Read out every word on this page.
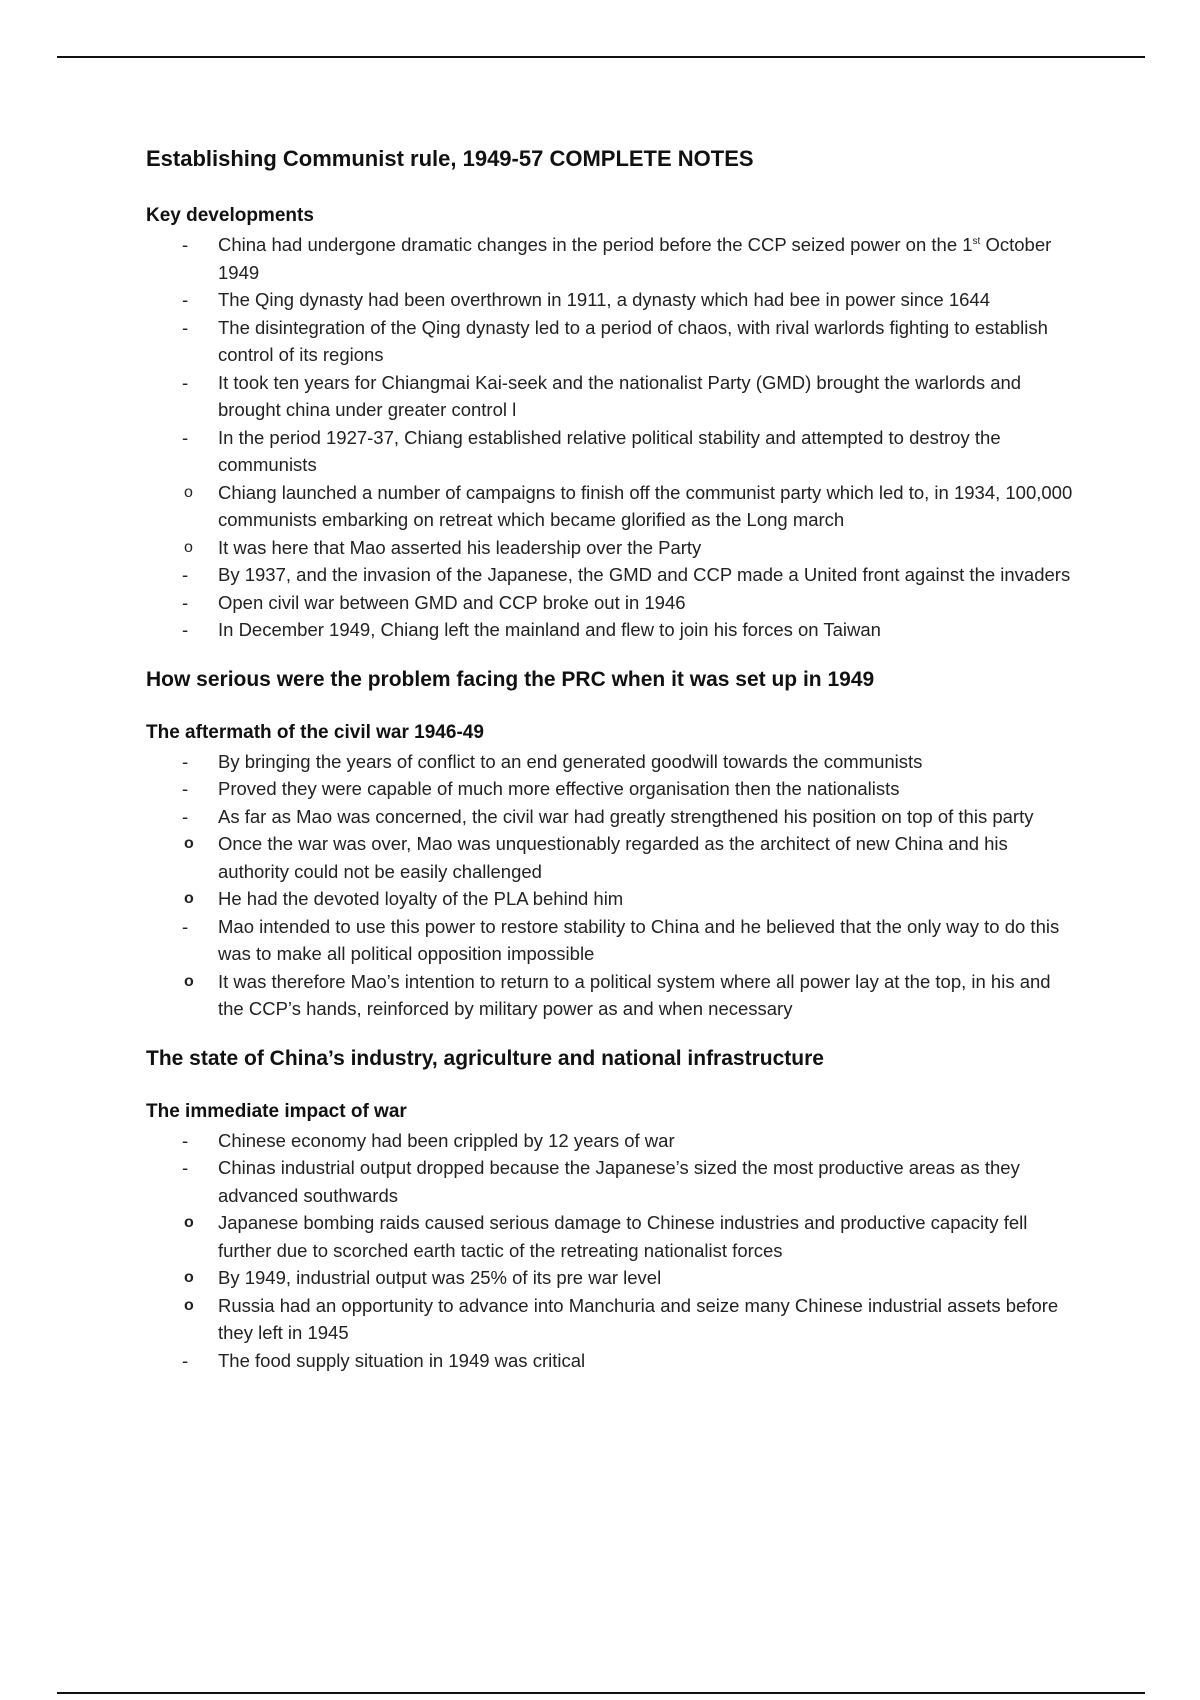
Establishing Communist rule, 1949-57 COMPLETE NOTES
Key developments
- China had undergone dramatic changes in the period before the CCP seized power on the 1st October 1949
- The Qing dynasty had been overthrown in 1911, a dynasty which had bee in power since 1644
- The disintegration of the Qing dynasty led to a period of chaos, with rival warlords fighting to establish control of its regions
- It took ten years for Chiangmai Kai-seek and the nationalist Party (GMD) brought the warlords and brought china under greater control l
- In the period 1927-37, Chiang established relative political stability and attempted to destroy the communists
o Chiang launched a number of campaigns to finish off the communist party which led to, in 1934, 100,000 communists embarking on retreat which became glorified as the Long march
o It was here that Mao asserted his leadership over the Party
- By 1937, and the invasion of the Japanese, the GMD and CCP made a United front against the invaders
- Open civil war between GMD and CCP broke out in 1946
- In December 1949, Chiang left the mainland and flew to join his forces on Taiwan
How serious were the problem facing the PRC when it was set up in 1949
The aftermath of the civil war 1946-49
- By bringing the years of conflict to an end generated goodwill towards the communists
- Proved they were capable of much more effective organisation then the nationalists
- As far as Mao was concerned, the civil war had greatly strengthened his position on top of this party
o Once the war was over, Mao was unquestionably regarded as the architect of new China and his authority could not be easily challenged
o He had the devoted loyalty of the PLA behind him
- Mao intended to use this power to restore stability to China and he believed that the only way to do this was to make all political opposition impossible
o It was therefore Mao’s intention to return to a political system where all power lay at the top, in his and the CCP’s hands, reinforced by military power as and when necessary
The state of China’s industry, agriculture and national infrastructure
The immediate impact of war
- Chinese economy had been crippled by 12 years of war
- Chinas industrial output dropped because the Japanese’s sized the most productive areas as they advanced southwards
o Japanese bombing raids caused serious damage to Chinese industries and productive capacity fell further due to scorched earth tactic of the retreating nationalist forces
o By 1949, industrial output was 25% of its pre war level
o Russia had an opportunity to advance into Manchuria and seize many Chinese industrial assets before they left in 1945
- The food supply situation in 1949 was critical
